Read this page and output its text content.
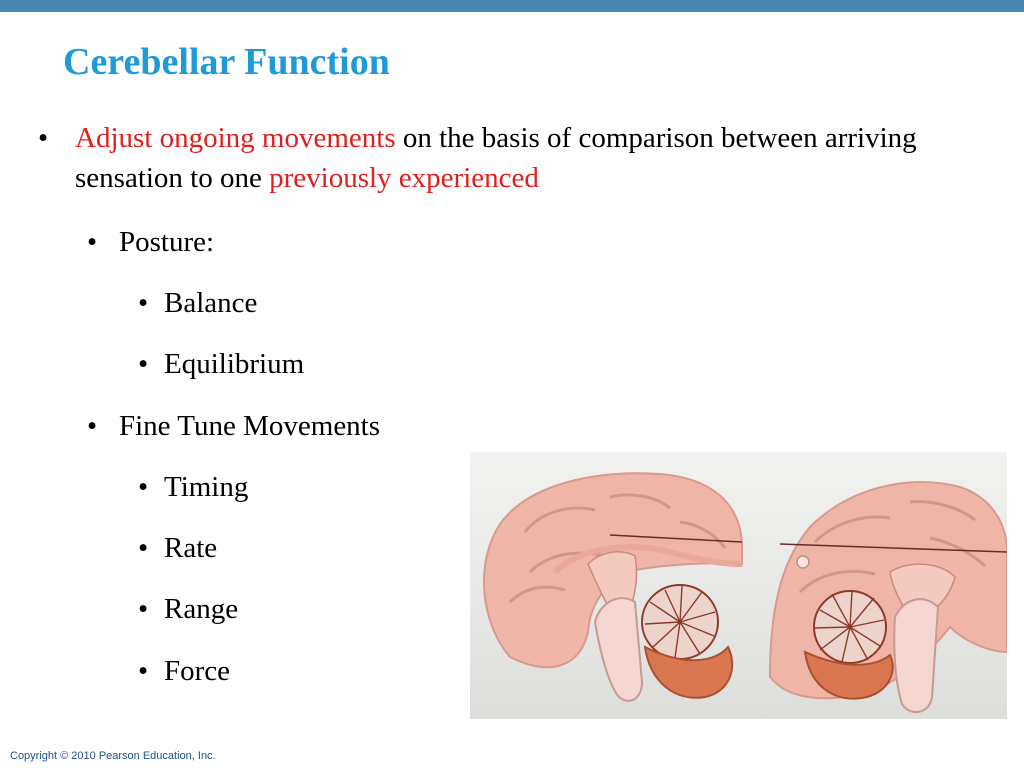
Cerebellar Function
• Adjust ongoing movements on the basis of comparison between arriving sensation to one previously experienced
• Posture:
• Balance
• Equilibrium
• Fine Tune Movements
• Timing
• Rate
• Range
• Force

Copyright © 2010 Pearson Education, Inc.
